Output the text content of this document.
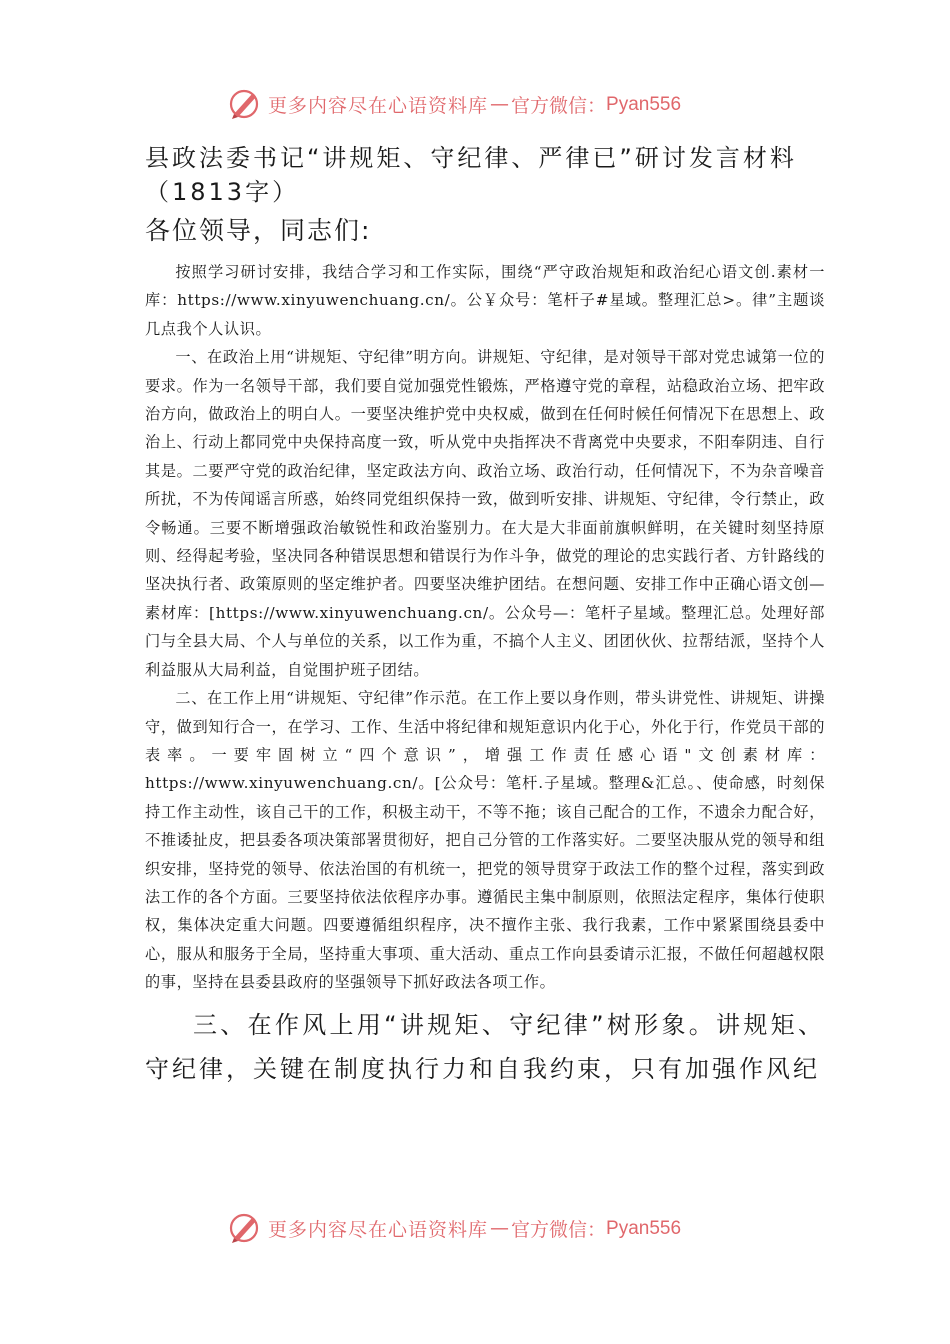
更多内容尽在心语资料库 — 官方微信： Pyan556
县政法委书记“讲规矩、守纪律、严律已”研讨发言材料
（1813字）
各位领导，同志们:

按照学习研讨安排，我结合学习和工作实际，围绕“严守政治规矩和政治纪心语文创.素材一库：https://www.xinyuwenchuang.cn/。公￥众号：笔杆子#星域。整理汇总>。律”主题谈几点我个人认识。

一、在政治上用“讲规矩、守纪律”明方向。讲规矩、守纪律，是对领导干部对党忠诚第一位的要求。作为一名领导干部，我们要自觉加强党性锻炼，严格遵守党的章程，站稳政治立场、把牢政治方向，做政治上的明白人。一要坚决维护党中央权威，做到在任何时候任何情况下在思想上、政治上、行动上都同党中央保持高度一致，听从党中央指挥决不背离党中央要求，不阳奉阴违、自行其是。二要严守党的政治纪律，坚定政法方向、政治立场、政治行动，任何情况下，不为杂音噪音所扰，不为传闻谣言所惑，始终同党组织保持一致，做到听安排、讲规矩、守纪律，令行禁止，政令畅通。三要不断增强政治敏锐性和政治鉴别力。在大是大非面前旗帜鲜明，在关键时刻坚持原则、经得起考验，坚决同各种错误思想和错误行为作斗争，做党的理论的忠实践行者、方针路线的坚决执行者、政策原则的坚定维护者。四要坚决维护团结。在想问题、安排工作中正确心语文创—素材库：[https://www.xinyuwenchuang.cn/。公众号—：笔杆子星域。整理汇总。处理好部门与全县大局、个人与单位的关系，以工作为重，不搞个人主义、团团伙伙、拉帮结派，坚持个人利益服从大局利益，自觉围护班子团结。

二、在工作上用“讲规矩、守纪律”作示范。在工作上要以身作则，带头讲党性、讲规矩、讲操守，做到知行合一，在学习、工作、生活中将纪律和规矩意识内化于心，外化于行，作党员干部的表率。一要牢固树立“四个意识”，增强工作责任感心语"文创素材库：https://www.xinyuwenchuang.cn/。[公众号：笔杆.子星域。整理&汇总。、使命感，时刻保持工作主动性，该自己干的工作，积极主动干，不等不拖；该自己配合的工作，不遗余力配合好，不推诿扯皮，把县委各项决策部署贯彻好，把自己分管的工作落实好。二要坚决服从党的领导和组织安排，坚持党的领导、依法治国的有机统一，把党的领导贯穿于政法工作的整个过程，落实到政法工作的各个方面。三要坚持依法依程序办事。遵循民主集中制原则，依照法定程序，集体行使职权，集体决定重大问题。四要遵循组织程序，决不擅作主张、我行我素，工作中紧紧围绕县委中心，服从和服务于全局，坚持重大事项、重大活动、重点工作向县委请示汇报，不做任何超越权限的事，坚持在县委县政府的坚强领导下抓好政法各项工作。

三、在作风上用“讲规矩、守纪律”树形象。讲规矩、守纪律，关键在制度执行力和自我约束，只有加强作风纪

更多内容尽在心语资料库 — 官方微信： Pyan556
